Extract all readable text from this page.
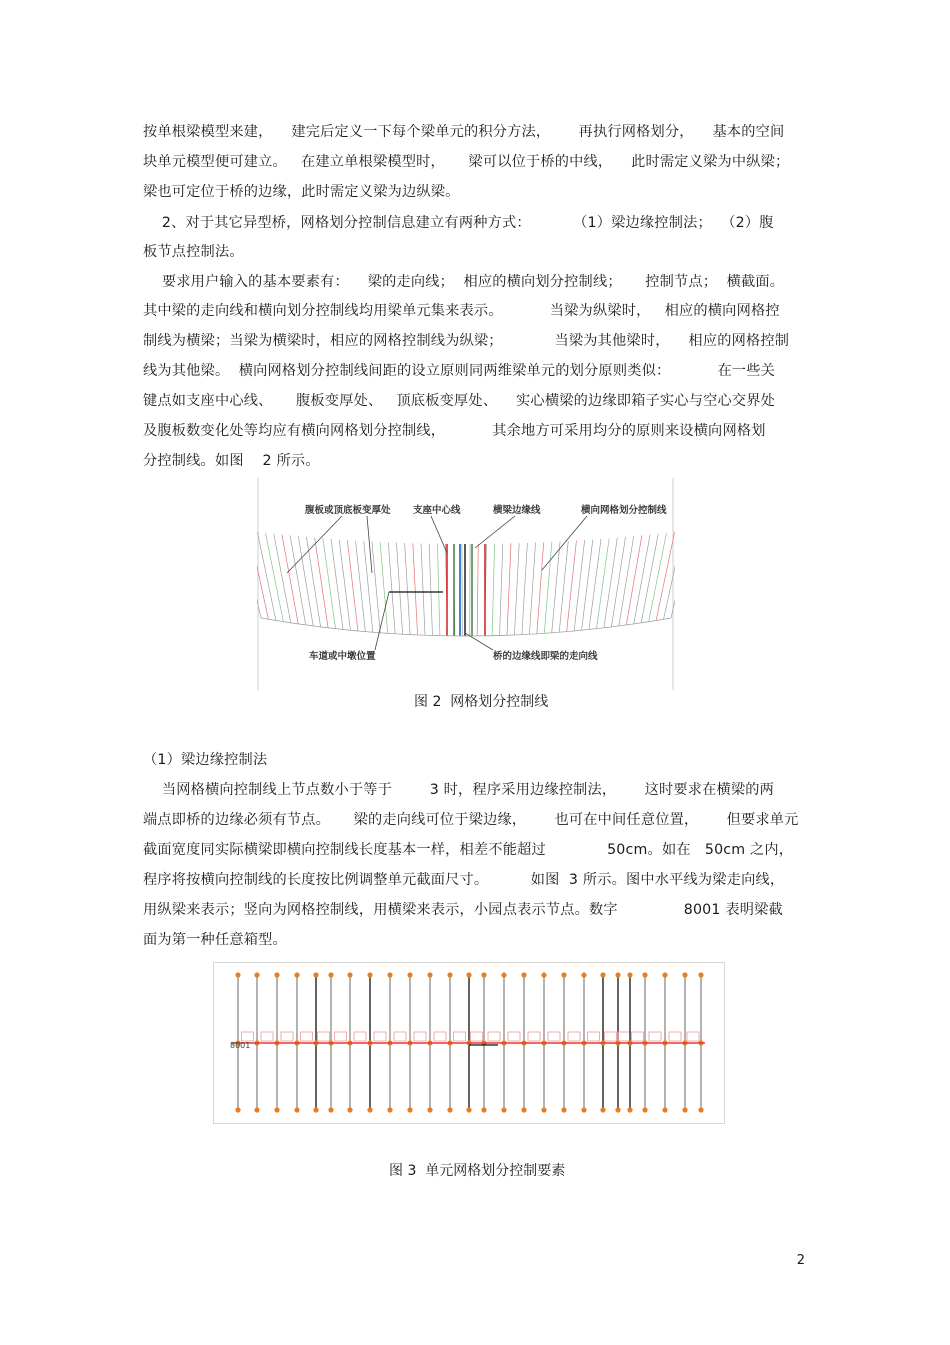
按单根梁模型来建，    建完后定义一下每个梁单元的积分方法，      再执行网格划分，    基本的空间
块单元模型便可建立。   在建立单根梁模型时，     梁可以位于桥的中线，    此时需定义梁为中纵梁；
梁也可定位于桥的边缘，此时需定义梁为边纵梁。
2、对于其它异型桥，网格划分控制信息建立有两种方式：         （1）梁边缘控制法；  （2）腹
板节点控制法。
要求用户输入的基本要素有：    梁的走向线；  相应的横向划分控制线；     控制节点；  横截面。
其中梁的走向线和横向划分控制线均用梁单元集来表示。          当梁为纵梁时，   相应的横向网格控
制线为横梁；当梁为横梁时，相应的网格控制线为纵梁；           当梁为其他梁时，    相应的网格控制
线为其他梁。  横向网格划分控制线间距的设立原则同两维梁单元的划分原则类似：          在一些关
键点如支座中心线、     腹板变厚处、   顶底板变厚处、    实心横梁的边缘即箱子实心与空心交界处
及腹板数变化处等均应有横向网格划分控制线，          其余地方可采用均分的原则来设横向网格划
分控制线。如图    2 所示。
腹板或顶底板变厚处 支座中心线	横梁边缘线	横向网格划分控制线
车道或中墩位置	桥的边缘线即梁的走向线
图 2  网格划分控制线
（1）梁边缘控制法
当网格横向控制线上节点数小于等于        3 时，程序采用边缘控制法，      这时要求在横梁的两
端点即桥的边缘必须有节点。     梁的走向线可位于梁边缘，      也可在中间任意位置，      但要求单元
截面宽度同实际横梁即横向控制线长度基本一样，相差不能超过             50cm。如在   50cm 之内，
程序将按横向控制线的长度按比例调整单元截面尺寸。         如图  3 所示。图中水平线为梁走向线，
用纵梁来表示；竖向为网格控制线，用横梁来表示，小园点表示节点。数字              8001 表明梁截
面为第一种任意箱型。
8001
图 3  单元网格划分控制要素
2
